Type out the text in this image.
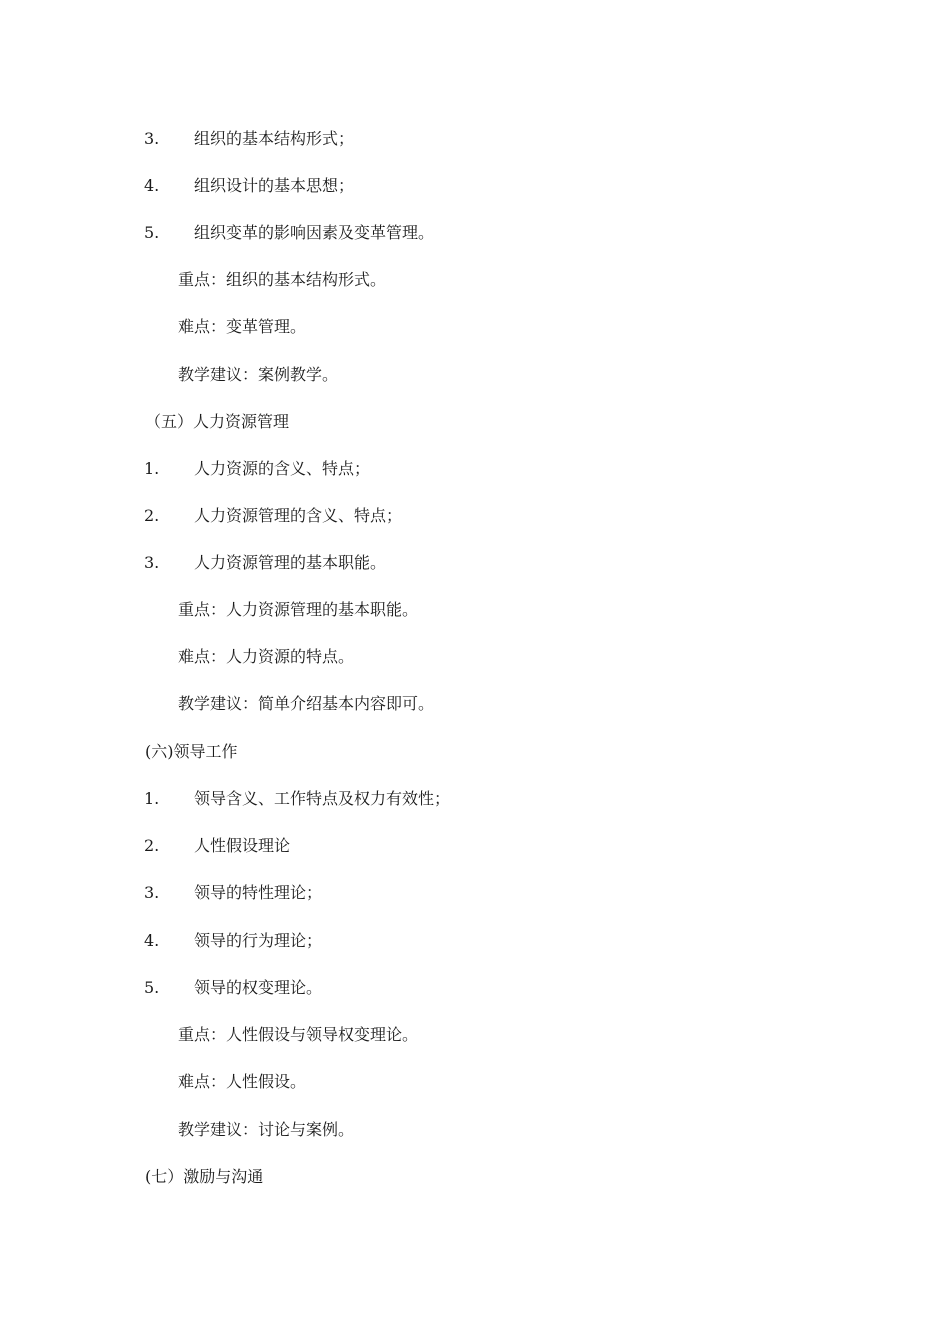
3. 组织的基本结构形式；
4. 组织设计的基本思想；
5. 组织变革的影响因素及变革管理。
重点：组织的基本结构形式。
难点：变革管理。
教学建议：案例教学。
（五）人力资源管理
1. 人力资源的含义、特点；
2. 人力资源管理的含义、特点；
3. 人力资源管理的基本职能。
重点：人力资源管理的基本职能。
难点：人力资源的特点。
教学建议：简单介绍基本内容即可。
(六)领导工作
1. 领导含义、工作特点及权力有效性；
2. 人性假设理论
3. 领导的特性理论；
4. 领导的行为理论；
5. 领导的权变理论。
重点：人性假设与领导权变理论。
难点：人性假设。
教学建议：讨论与案例。
(七）激励与沟通
